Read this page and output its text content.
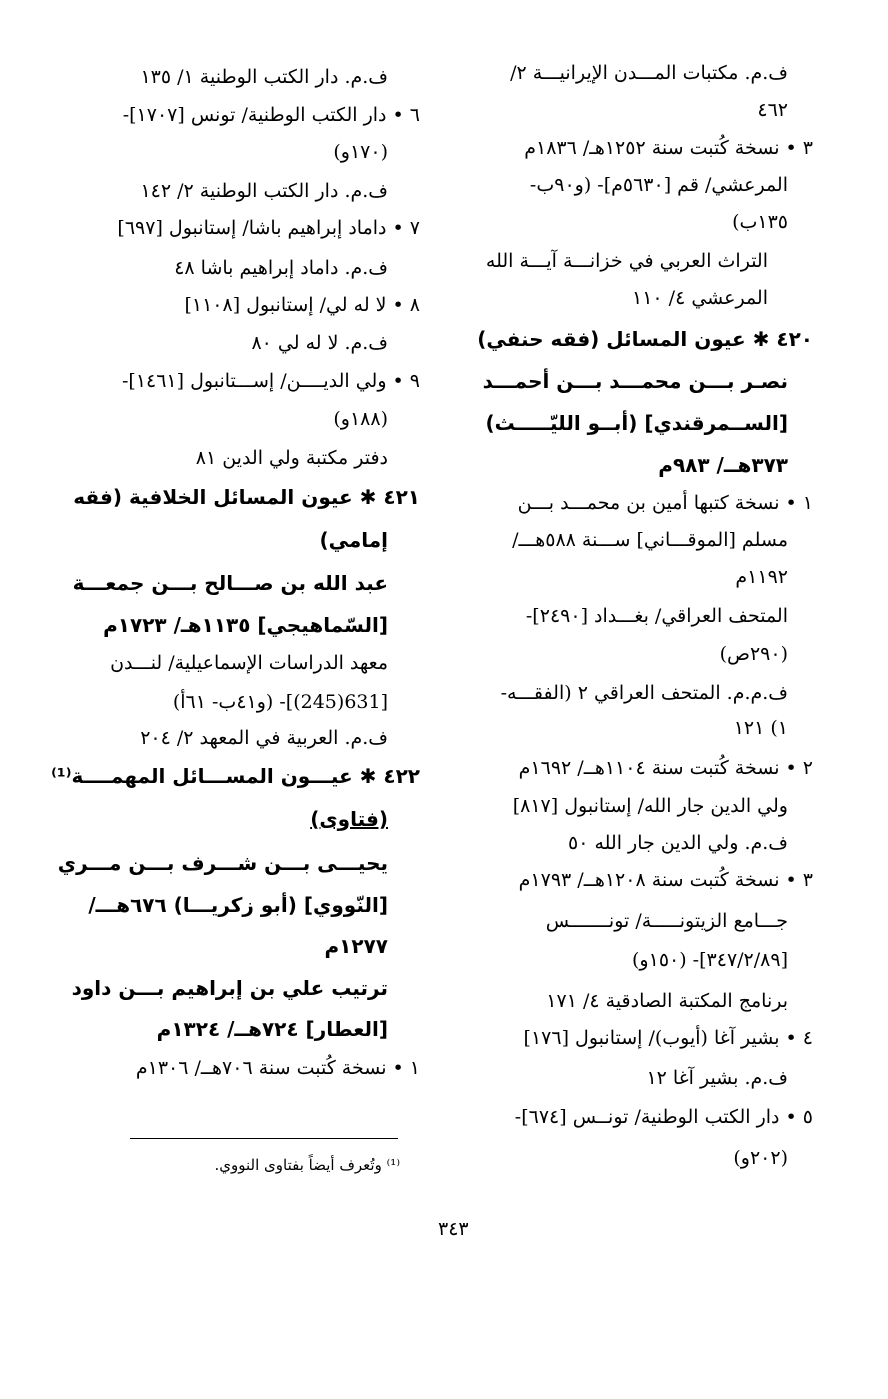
ف.م. مكتبات المـــدن الإيرانيـــة ٢/
٤٦٢
٣ • نسخة كُتبت سنة ١٢٥٢هـ/ ١٨٣٦م
المرعشي/ قم [٥٦٣٠م]- (و٩٠ب-
١٣٥ب)
التراث العربي في خزانـــة آيـــة الله
المرعشي ٤/ ١١٠
٤٢٠ ✱ عيون المسائل (فقه حنفي)
نصـر بـــن محمـــد بـــن أحمـــد
[الســمرقندي] (أبــو الليّـــــث)
٣٧٣هــ/ ٩٨٣م
١ • نسخة كتبها أمين بن محمـــد بـــن
مسلم [الموقـــاني] ســـنة ٥٨٨هـــ/
١١٩٢م
المتحف العراقي/ بغـــداد [٢٤٩٠]-
(٢٩٠ص)
ف.م.م. المتحف العراقي ٢ (الفقـــه-
١) ١٢١
٢ • نسخة كُتبت سنة ١١٠٤هــ/ ١٦٩٢م
ولي الدين جار الله/ إستانبول [٨١٧]
ف.م. ولي الدين جار الله ٥٠
٣ • نسخة كُتبت سنة ١٢٠٨هــ/ ١٧٩٣م
جـــامع الزيتونـــــة/ تونـــــــس
[٣٤٧/٢/٨٩]- (١٥٠و)
برنامج المكتبة الصادقية ٤/ ١٧١
٤ • بشير آغا (أيوب)/ إستانبول [١٧٦]
ف.م. بشير آغا ١٢
٥ • دار الكتب الوطنية/ تونــس [٦٧٤]-
(٢٠٢و)
ف.م. دار الكتب الوطنية ١/ ١٣٥
٦ • دار الكتب الوطنية/ تونس [١٧٠٧]-
(١٧٠و)
ف.م. دار الكتب الوطنية ٢/ ١٤٢
٧ • داماد إبراهيم باشا/ إستانبول [٦٩٧]
ف.م. داماد إبراهيم باشا ٤٨
٨ • لا له لي/ إستانبول [١١٠٨]
ف.م. لا له لي ٨٠
٩ • ولي الديــــن/ إســـتانبول [١٤٦١]-
(١٨٨و)
دفتر مكتبة ولي الدين ٨١
٤٢١ ✱ عيون المسائل الخلافية (فقه
إمامي)
عبد الله بن صـــالح بـــن جمعـــة
[السّماهيجي] ١١٣٥هـ/ ١٧٢٣م
معهد الدراسات الإسماعيلية/ لنـــدن
[631(245)]- (و٤١ب- ٦١أ)
ف.م. العربية في المعهد ٢/ ٢٠٤
٤٢٢ ✱ عيـــون المســـائل المهمــــة⁽¹⁾
(فتاوى)
يحيـــى بـــن شـــرف بـــن مـــري
[النّووي] (أبو زكريـــا) ٦٧٦هـــ/
١٢٧٧م
ترتيب علي بن إبراهيم بـــن داود
[العطار] ٧٢٤هــ/ ١٣٢٤م
١ • نسخة كُتبت سنة ٧٠٦هــ/ ١٣٠٦م
⁽¹⁾ وتُعرف أيضاً بفتاوى النووي.
٣٤٣
